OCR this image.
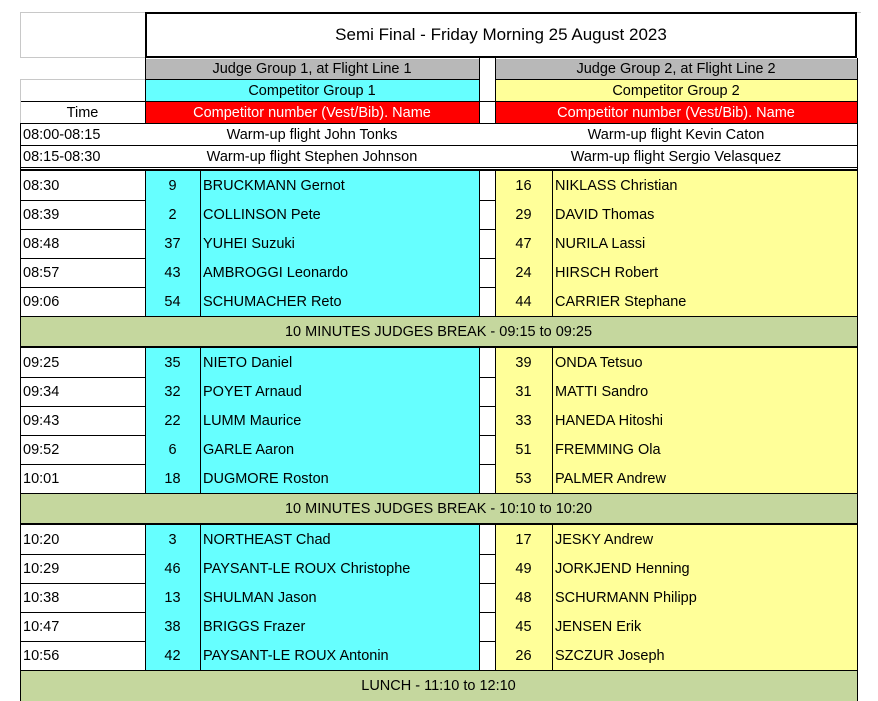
Semi Final - Friday Morning 25 August 2023
Judge Group 1, at Flight Line 1	Judge Group 2, at Flight Line 2
Competitor Group 1	Competitor Group 2
Time	Competitor number (Vest/Bib). Name	Competitor number (Vest/Bib). Name
08:00-08:15	Warm-up flight John Tonks	Warm-up flight Kevin Caton
08:15-08:30	Warm-up flight Stephen Johnson	Warm-up flight Sergio Velasquez
08:30	9	BRUCKMANN Gernot	16	NIKLASS Christian
08:39	2	COLLINSON Pete	29	DAVID Thomas
08:48	37	YUHEI Suzuki	47	NURILA Lassi
08:57	43	AMBROGGI Leonardo	24	HIRSCH Robert
09:06	54	SCHUMACHER Reto	44	CARRIER Stephane
10 MINUTES JUDGES BREAK - 09:15 to 09:25
09:25	35	NIETO Daniel	39	ONDA Tetsuo
09:34	32	POYET Arnaud	31	MATTI Sandro
09:43	22	LUMM Maurice	33	HANEDA Hitoshi
09:52	6	GARLE Aaron	51	FREMMING Ola
10:01	18	DUGMORE Roston	53	PALMER Andrew
10 MINUTES JUDGES BREAK - 10:10 to 10:20
10:20	3	NORTHEAST Chad	17	JESKY Andrew
10:29	46	PAYSANT-LE ROUX Christophe	49	JORKJEND Henning
10:38	13	SHULMAN Jason	48	SCHURMANN Philipp
10:47	38	BRIGGS Frazer	45	JENSEN Erik
10:56	42	PAYSANT-LE ROUX Antonin	26	SZCZUR Joseph
LUNCH - 11:10 to 12:10
